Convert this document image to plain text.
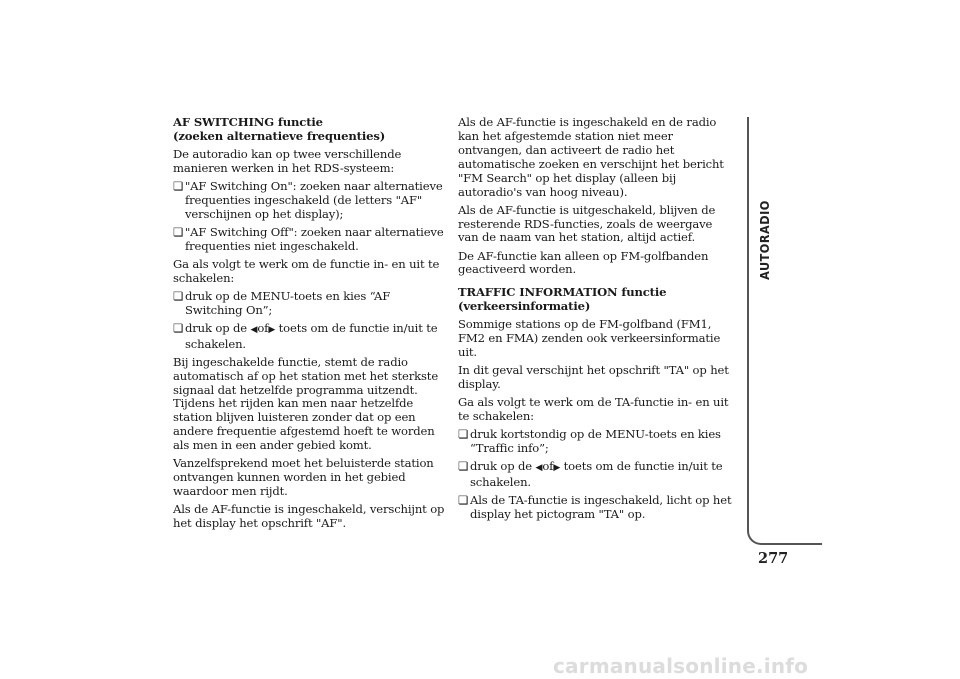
AF SWITCHING functie
(zoeken alternatieve frequenties)

De autoradio kan op twee verschillende manieren werken in het RDS-systeem:

❏ "AF Switching On": zoeken naar alternatieve frequenties ingeschakeld (de letters "AF" verschijnen op het display);
❏ "AF Switching Off": zoeken naar alternatieve frequenties niet ingeschakeld.

Ga als volgt te werk om de functie in- en uit te schakelen:

❏ druk op de MENU-toets en kies “AF Switching On”;
❏ druk op de ◀of▶ toets om de functie in/uit te schakelen.

Bij ingeschakelde functie, stemt de radio automatisch af op het station met het sterkste signaal dat hetzelfde programma uitzendt. Tijdens het rijden kan men naar hetzelfde station blijven luisteren zonder dat op een andere frequentie afgestemd hoeft te worden als men in een ander gebied komt.

Vanzelfsprekend moet het beluisterde station ontvangen kunnen worden in het gebied waardoor men rijdt.

Als de AF-functie is ingeschakeld, verschijnt op het display het opschrift "AF".

Als de AF-functie is ingeschakeld en de radio kan het afgestemde station niet meer ontvangen, dan activeert de radio het automatische zoeken en verschijnt het bericht "FM Search" op het display (alleen bij autoradio's van hoog niveau).

Als de AF-functie is uitgeschakeld, blijven de resterende RDS-functies, zoals de weergave van de naam van het station, altijd actief.

De AF-functie kan alleen op FM-golfbanden geactiveerd worden.

TRAFFIC INFORMATION functie
(verkeersinformatie)

Sommige stations op de FM-golfband (FM1, FM2 en FMA) zenden ook verkeersinformatie uit.

In dit geval verschijnt het opschrift "TA" op het display.

Ga als volgt te werk om de TA-functie in- en uit te schakelen:

❏ druk kortstondig op de MENU-toets en kies “Traffic info”;
❏ druk op de ◀of▶ toets om de functie in/uit te schakelen.
❏ Als de TA-functie is ingeschakeld, licht op het display het pictogram "TA" op.
AUTORADIO
277
carmanualsonline.info
